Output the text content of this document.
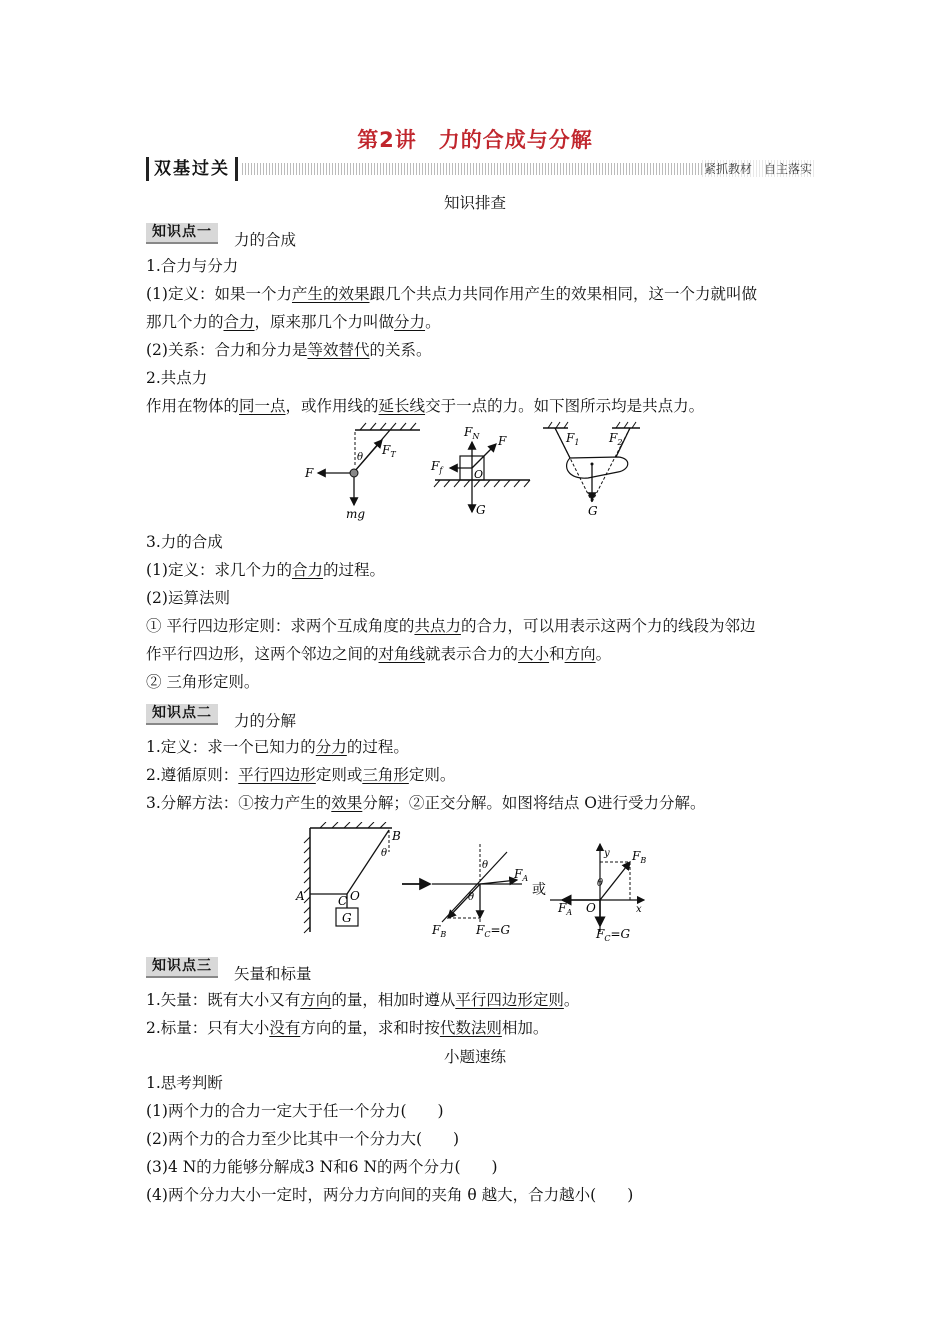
第2讲　力的合成与分解
双基过关	紧抓教材　自主落实
知识排查
知识点一	力的合成
1.合力与分力
(1)定义：如果一个力产生的效果跟几个共点力共同作用产生的效果相同，这一个力就叫做
那几个力的合力，原来那几个力叫做分力。
(2)关系：合力和分力是等效替代的关系。
2.共点力
作用在物体的同一点，或作用线的延长线交于一点的力。如下图所示均是共点力。
F
$F_T$
θ
mg
$F_N$ F
$F_f$	O
G
$F_1$ $F_2$
G
3.力的合成
(1)定义：求几个力的合力的过程。
(2)运算法则
① 平行四边形定则：求两个互成角度的共点力的合力，可以用表示这两个力的线段为邻边
作平行四边形，这两个邻边之间的对角线就表示合力的大小和方向。
② 三角形定则。
知识点二	力的分解
1.定义：求一个已知力的分力的过程。
2.遵循原则：平行四边形定则或三角形定则。
3.分解方法：①按力产生的效果分解；②正交分解。如图将结点 O进行受力分解。
B
θ
A	C O
G
θ
θ
$F_A$
$F_B$ $F_C=G$
或
y
x
$F_B$
θ
O
$F_A$
$F_C=G$
知识点三	矢量和标量
1.矢量：既有大小又有方向的量，相加时遵从平行四边形定则。
2.标量：只有大小没有方向的量，求和时按代数法则相加。
小题速练
1.思考判断
(1)两个力的合力一定大于任一个分力(　　)
(2)两个力的合力至少比其中一个分力大(　　)
(3)4 N的力能够分解成3 N和6 N的两个分力(　　)
(4)两个分力大小一定时，两分力方向间的夹角 θ 越大，合力越小(　　)
